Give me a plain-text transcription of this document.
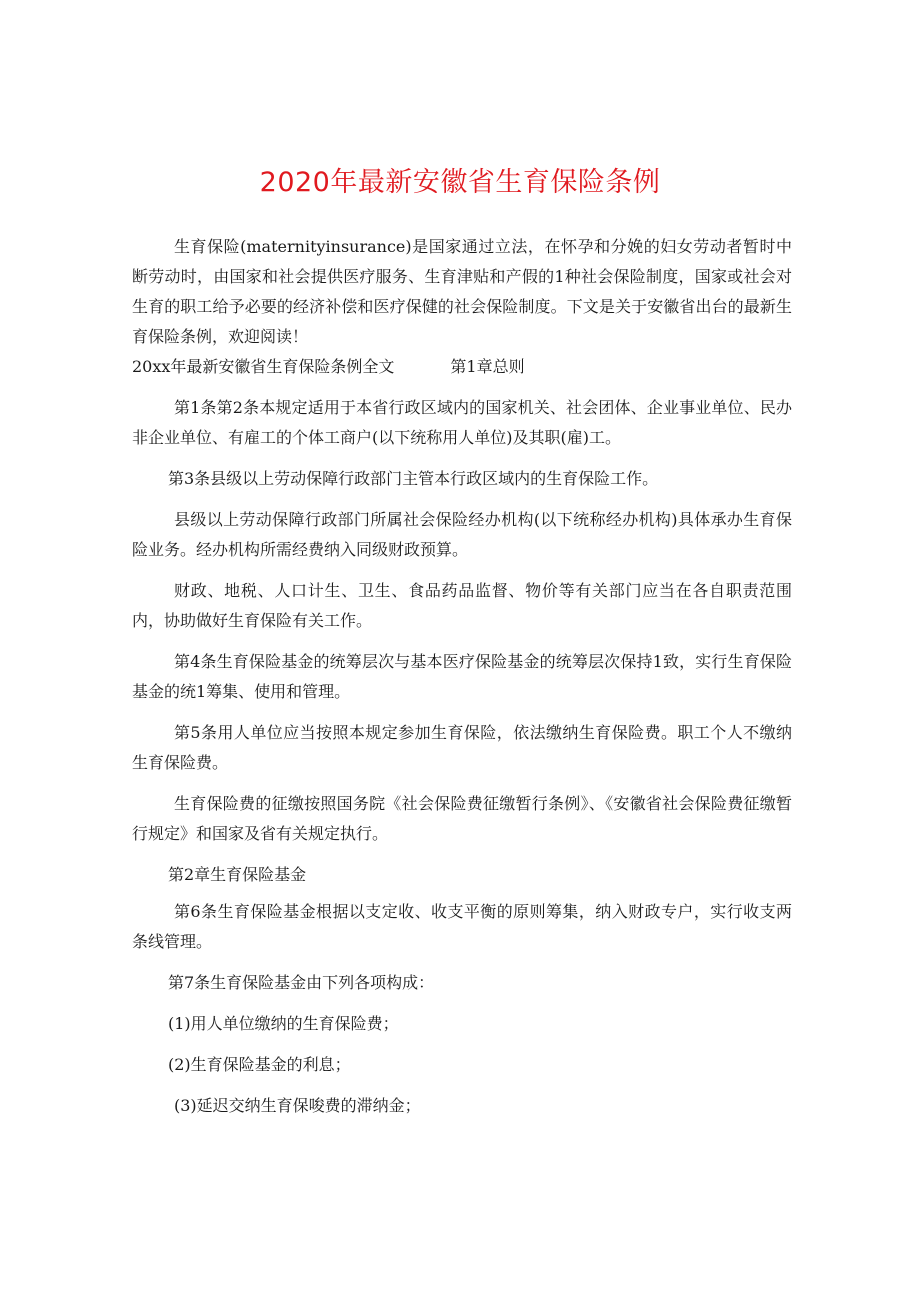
2020年最新安徽省生育保险条例

生育保险(maternityinsurance)是国家通过立法，在怀孕和分娩的妇女劳动者暂时中断劳动时，由国家和社会提供医疗服务、生育津贴和产假的1种社会保险制度，国家或社会对生育的职工给予必要的经济补偿和医疗保健的社会保险制度。下文是关于安徽省出台的最新生育保险条例，欢迎阅读！

20xx年最新安徽省生育保险条例全文	第1章总则

第1条第2条本规定适用于本省行政区域内的国家机关、社会团体、企业事业单位、民办非企业单位、有雇工的个体工商户(以下统称用人单位)及其职(雇)工。

第3条县级以上劳动保障行政部门主管本行政区域内的生育保险工作。

县级以上劳动保障行政部门所属社会保险经办机构(以下统称经办机构)具体承办生育保险业务。经办机构所需经费纳入同级财政预算。

财政、地税、人口计生、卫生、食品药品监督、物价等有关部门应当在各自职责范围内，协助做好生育保险有关工作。

第4条生育保险基金的统筹层次与基本医疗保险基金的统筹层次保持1致，实行生育保险基金的统1筹集、使用和管理。

第5条用人单位应当按照本规定参加生育保险，依法缴纳生育保险费。职工个人不缴纳生育保险费。

生育保险费的征缴按照国务院《社会保险费征缴暂行条例》、《安徽省社会保险费征缴暂行规定》和国家及省有关规定执行。

第2章生育保险基金

第6条生育保险基金根据以支定收、收支平衡的原则筹集，纳入财政专户，实行收支两条线管理。

第7条生育保险基金由下列各项构成：

(1)用人单位缴纳的生育保险费；

(2)生育保险基金的利息；

(3)延迟交纳生育保唆费的滞纳金；
